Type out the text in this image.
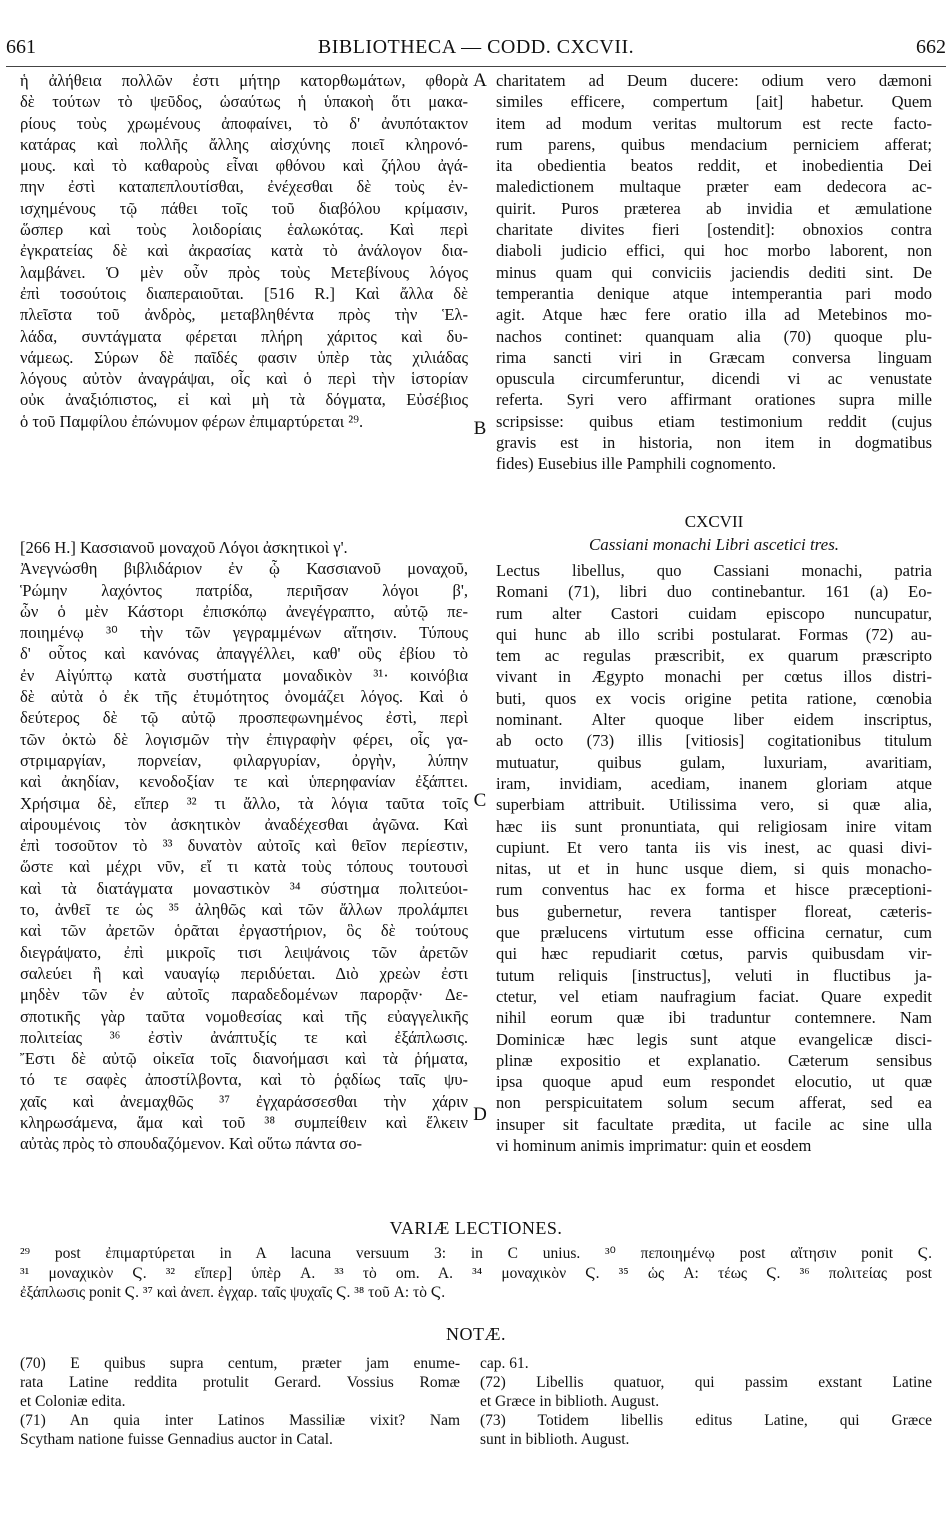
661	BIBLIOTHECA — CODD. CXCVII.	662
ἡ ἀλήθεια πολλῶν ἐστι μήτηρ κατορθωμάτων, φθορὰ
δὲ τούτων τὸ ψεῦδος, ὡσαύτως ἡ ὑπακοὴ ὅτι μακα-
ρίους τοὺς χρωμένους ἀποφαίνει, τὸ δ' ἀνυπότακτον
κατάρας καὶ πολλῆς ἄλλης αἰσχύνης ποιεῖ κληρονό-
μους. καὶ τὸ καθαροὺς εἶναι φθόνου καὶ ζήλου ἀγά-
πην ἐστὶ καταπεπλουτίσθαι, ἐνέχεσθαι δὲ τοὺς ἐν-
ισχημένους τῷ πάθει τοῖς τοῦ διαβόλου κρίμασιν,
ὥσπερ καὶ τοὺς λοιδορίαις ἑαλωκότας. Καὶ περὶ
ἐγκρατείας δὲ καὶ ἀκρασίας κατὰ τὸ ἀνάλογον δια-
λαμβάνει. Ὁ μὲν οὖν πρὸς τοὺς Μετεβίνους λόγος
ἐπὶ τοσούτοις διαπεραιοῦται. [516 R.] Καὶ ἄλλα δὲ
πλεῖστα τοῦ ἀνδρὸς, μεταβληθέντα πρὸς τὴν Ἑλ-
λάδα, συντάγματα φέρεται πλήρη χάριτος καὶ δυ-
νάμεως. Σύρων δὲ παῖδές φασιν ὑπὲρ τὰς χιλιάδας
λόγους αὐτὸν ἀναγράψαι, οἷς καὶ ὁ περὶ τὴν ἱστορίαν
οὐκ ἀναξιόπιστος, εἰ καὶ μὴ τὰ δόγματα, Εὐσέβιος
ὁ τοῦ Παμφίλου ἐπώνυμον φέρων ἐπιμαρτύρεται ²⁹.
charitatem ad Deum ducere: odium vero dæmoni
similes efficere, compertum [ait] habetur. Quem
item ad modum veritas multorum est recte facto-
rum parens, quibus mendacium perniciem afferat;
ita obedientia beatos reddit, et inobedientia Dei
maledictionem multaque præter eam dedecora ac-
quirit. Puros præterea ab invidia et æmulatione
charitate divites fieri [ostendit]: obnoxios contra
diaboli judicio effici, qui hoc morbo laborent, non
minus quam qui conviciis jaciendis dediti sint. De
temperantia denique atque intemperantia pari modo
agit. Atque hæc fere oratio illa ad Metebinos mo-
nachos continet: quanquam alia (70) quoque plu-
rima sancti viri in Græcam conversa linguam
opuscula circumferuntur, dicendi vi ac venustate
referta. Syri vero affirmant orationes supra mille
scripsisse: quibus etiam testimonium reddit (cujus
gravis est in historia, non item in dogmatibus
fides) Eusebius ille Pamphili cognomento.
A
B
C
D
CXCVII
Cassiani monachi Libri ascetici tres.
[266 H.] Κασσιανοῦ μοναχοῦ Λόγοι ἀσκητικοὶ γ'.
Ἀνεγνώσθη βιβλιδάριον ἐν ᾧ Κασσιανοῦ μοναχοῦ,
Ῥώμην λαχόντος πατρίδα, περιῆσαν λόγοι β',
ὧν ὁ μὲν Κάστορι ἐπισκόπῳ ἀνεγέγραπτο, αὐτῷ πε-
ποιημένῳ ³⁰ τὴν τῶν γεγραμμένων αἴτησιν. Τύπους
δ' οὗτος καὶ κανόνας ἀπαγγέλλει, καθ' οὓς ἐβίου τὸ
ἐν Αἰγύπτῳ κατὰ συστήματα μοναδικὸν ³¹· κοινόβια
δὲ αὐτὰ ὁ ἐκ τῆς ἐτυμότητος ὀνομάζει λόγος. Καὶ ὁ
δεύτερος δὲ τῷ αὐτῷ προσπεφωνημένος ἐστὶ, περὶ
τῶν ὀκτὼ δὲ λογισμῶν τὴν ἐπιγραφὴν φέρει, οἷς γα-
στριμαργίαν, πορνείαν, φιλαργυρίαν, ὀργὴν, λύπην
καὶ ἀκηδίαν, κενοδοξίαν τε καὶ ὑπερηφανίαν ἐξάπτει.
Χρήσιμα δὲ, εἴπερ ³² τι ἄλλο, τὰ λόγια ταῦτα τοῖς
αἱρουμένοις τὸν ἀσκητικὸν ἀναδέχεσθαι ἀγῶνα. Καὶ
ἐπὶ τοσοῦτον τὸ ³³ δυνατὸν αὐτοῖς καὶ θεῖον περίεστιν,
ὥστε καὶ μέχρι νῦν, εἴ τι κατὰ τοὺς τόπους τουτουσὶ
καὶ τὰ διατάγματα μοναστικὸν ³⁴ σύστημα πολιτεύοι-
το, ἀνθεῖ τε ὡς ³⁵ ἀληθῶς καὶ τῶν ἄλλων προλάμπει
καὶ τῶν ἀρετῶν ὁρᾶται ἐργαστήριον, ὃς δὲ τούτους
διεγράψατο, ἐπὶ μικροῖς τισι λειψάνοις τῶν ἀρετῶν
σαλεύει ἢ καὶ ναυαγίῳ περιδύεται. Διὸ χρεὼν ἐστι
μηδὲν τῶν ἐν αὐτοῖς παραδεδομένων παρορᾷν· Δε-
σποτικῆς γὰρ ταῦτα νομοθεσίας καὶ τῆς εὐαγγελικῆς
πολιτείας ³⁶ ἐστὶν ἀνάπτυξίς τε καὶ ἐξάπλωσις.
Ἔστι δὲ αὐτῷ οἰκεῖα τοῖς διανοήμασι καὶ τὰ ῥήματα,
τό τε σαφὲς ἀποστίλβοντα, καὶ τὸ ῥᾳδίως ταῖς ψυ-
χαῖς καὶ ἀνεμαχθῶς ³⁷ ἐγχαράσσεσθαι τὴν χάριν
κληρωσάμενα, ἅμα καὶ τοῦ ³⁸ συμπείθειν καὶ ἕλκειν
αὐτὰς πρὸς τὸ σπουδαζόμενον. Καὶ οὕτω πάντα σο-
Lectus libellus, quo Cassiani monachi, patria
Romani (71), libri duo continebantur. 161 (a) Eo-
rum alter Castori cuidam episcopo nuncupatur,
qui hunc ab illo scribi postularat. Formas (72) au-
tem ac regulas præscribit, ex quarum præscripto
vivant in Ægypto monachi per cœtus illos distri-
buti, quos ex vocis origine petita ratione, cœnobia
nominant. Alter quoque liber eidem inscriptus,
ab octo (73) illis [vitiosis] cogitationibus titulum
mutuatur, quibus gulam, luxuriam, avaritiam,
iram, invidiam, acediam, inanem gloriam atque
superbiam attribuit. Utilissima vero, si quæ alia,
hæc iis sunt pronuntiata, qui religiosam inire vitam
cupiunt. Et vero tanta iis vis inest, ac quasi divi-
nitas, ut et in hunc usque diem, si quis monacho-
rum conventus hac ex forma et hisce præceptioni-
bus gubernetur, revera tantisper floreat, cæteris-
que prælucens virtutum esse officina cernatur, cum
qui hæc repudiarit cœtus, parvis quibusdam vir-
tutum reliquis [instructus], veluti in fluctibus ja-
ctetur, vel etiam naufragium faciat. Quare expedit
nihil eorum quæ ibi traduntur contemnere. Nam
Dominicæ hæc legis sunt atque evangelicæ disci-
plinæ expositio et explanatio. Cæterum sensibus
ipsa quoque apud eum respondet elocutio, ut quæ
non perspicuitatem solum secum afferat, sed ea
insuper sit facultate prædita, ut facile ac sine ulla
vi hominum animis imprimatur: quin et eosdem
VARIÆ LECTIONES.
²⁹ post ἐπιμαρτύρεται in A lacuna versuum 3: in C unius. ³⁰ πεποιημένῳ post αἴτησιν ponit Ϛ.
³¹ μοναχικὸν Ϛ. ³² εἴπερ] ὑπὲρ A. ³³ τὸ om. A. ³⁴ μοναχικὸν Ϛ. ³⁵ ὡς A: τέως Ϛ. ³⁶ πολιτείας post
ἐξάπλωσις ponit Ϛ. ³⁷ καὶ ἀνεπ. ἐγχαρ. ταῖς ψυχαῖς Ϛ. ³⁸ τοῦ A: τὸ Ϛ.
NOTÆ.
(70) E quibus supra centum, præter jam enume-
rata Latine reddita protulit Gerard. Vossius Romæ
et Coloniæ edita.
(71) An quia inter Latinos Massiliæ vixit? Nam
Scytham natione fuisse Gennadius auctor in Catal.
cap. 61.
(72) Libellis quatuor, qui passim exstant Latine
et Græce in biblioth. August.
(73) Totidem libellis editus Latine, qui Græce
sunt in biblioth. August.
